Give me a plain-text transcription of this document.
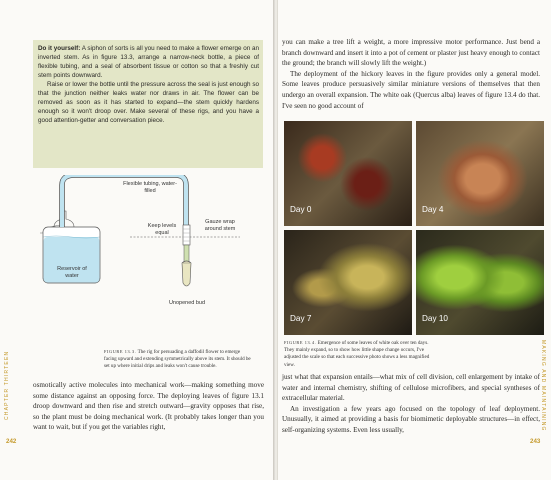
Do it yourself: A siphon of sorts is all you need to make a flower emerge on an inverted stem. As in figure 13.3, arrange a narrow-neck bottle, a piece of flexible tubing, and a seal of absorbent tissue or cotton so that a freshly cut stem points downward.

Raise or lower the bottle until the pressure across the seal is just enough so that the junction neither leaks water nor draws in air. The flower can be removed as soon as it has started to expand—the stem quickly hardens enough so it won't droop over. Make several of these rigs, and you have a good attention-getter and conversation piece.

Flexible tubing, water-filled
Keep levels equal
Gauze wrap around stem
Reservoir of water
Unopened bud
FIGURE 13.3. The rig for persuading a daffodil flower to emerge facing upward and extending symmetrically above its stem. It should be set up where initial drips and leaks won't cause trouble.

osmotically active molecules into mechanical work—making something move some distance against an opposing force. The deploying leaves of figure 13.1 droop downward and then rise and stretch outward—gravity opposes that rise, so the plant must be doing mechanical work. (It probably takes longer than you want to wait, but if you get the variables right,

CHAPTER THIRTEEN
242

you can make a tree lift a weight, a more impressive motor performance. Just bend a branch downward and insert it into a pot of cement or plaster just heavy enough to contact the ground; the branch will slowly lift the weight.)

The deployment of the hickory leaves in the figure provides only a general model. Some leaves produce persuasively similar miniature versions of themselves that then undergo an overall expansion. The white oak (Quercus alba) leaves of figure 13.4 do that. I've seen no good account of

Day 0	Day 4
Day 7	Day 10
FIGURE 13.4. Emergence of some leaves of white oak over ten days. They mainly expand, so to show how little shape change occurs, I've adjusted the scale so that each successive photo shows a less magnified view.

just what that expansion entails—what mix of cell division, cell enlargement by intake of water and internal chemistry, shifting of cellulose microfibers, and special syntheses of extracellular material.

An investigation a few years ago focused on the topology of leaf deployment. Unusually, it aimed at providing a basis for biomimetic deployable structures—in effect, self-organizing systems. Even less usually,	MAKING AND MAINTAINING
243
